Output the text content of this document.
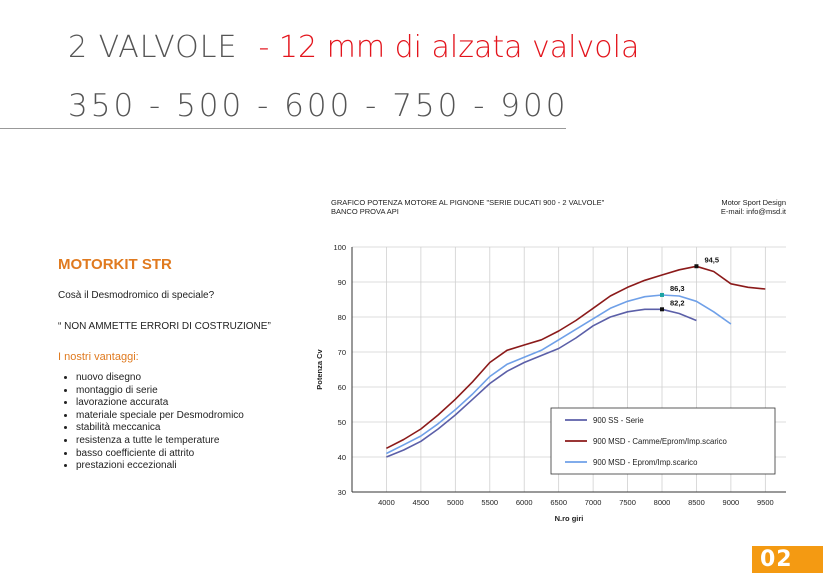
2 VALVOLE - 12 mm di alzata valvola
350 - 500 - 600 - 750 - 900
MOTORKIT STR
Cosà il Desmodromico di speciale?
“ NON AMMETTE ERRORI DI COSTRUZIONE”
I nostri vantaggi:
• nuovo disegno
• montaggio di serie
• lavorazione accurata
• materiale speciale per Desmodromico
• stabilità meccanica
• resistenza a tutte le temperature
• basso coefficiente di attrito
• prestazioni eccezionali
GRAFICO POTENZA MOTORE AL PIGNONE "SERIE DUCATI 900 - 2 VALVOLE"
BANCO PROVA API
Motor Sport Design
E-mail: info@msd.it
30
40
50
60
70
80
90
100
4000 4500 5000 5500 6000 6500 7000 7500 8000 8500 9000 9500
N.ro giri
Potenza Cv
94,5
86,3
82,2
900 SS - Serie
900 MSD - Camme/Eprom/Imp.scarico
900 MSD - Eprom/Imp.scarico
02
